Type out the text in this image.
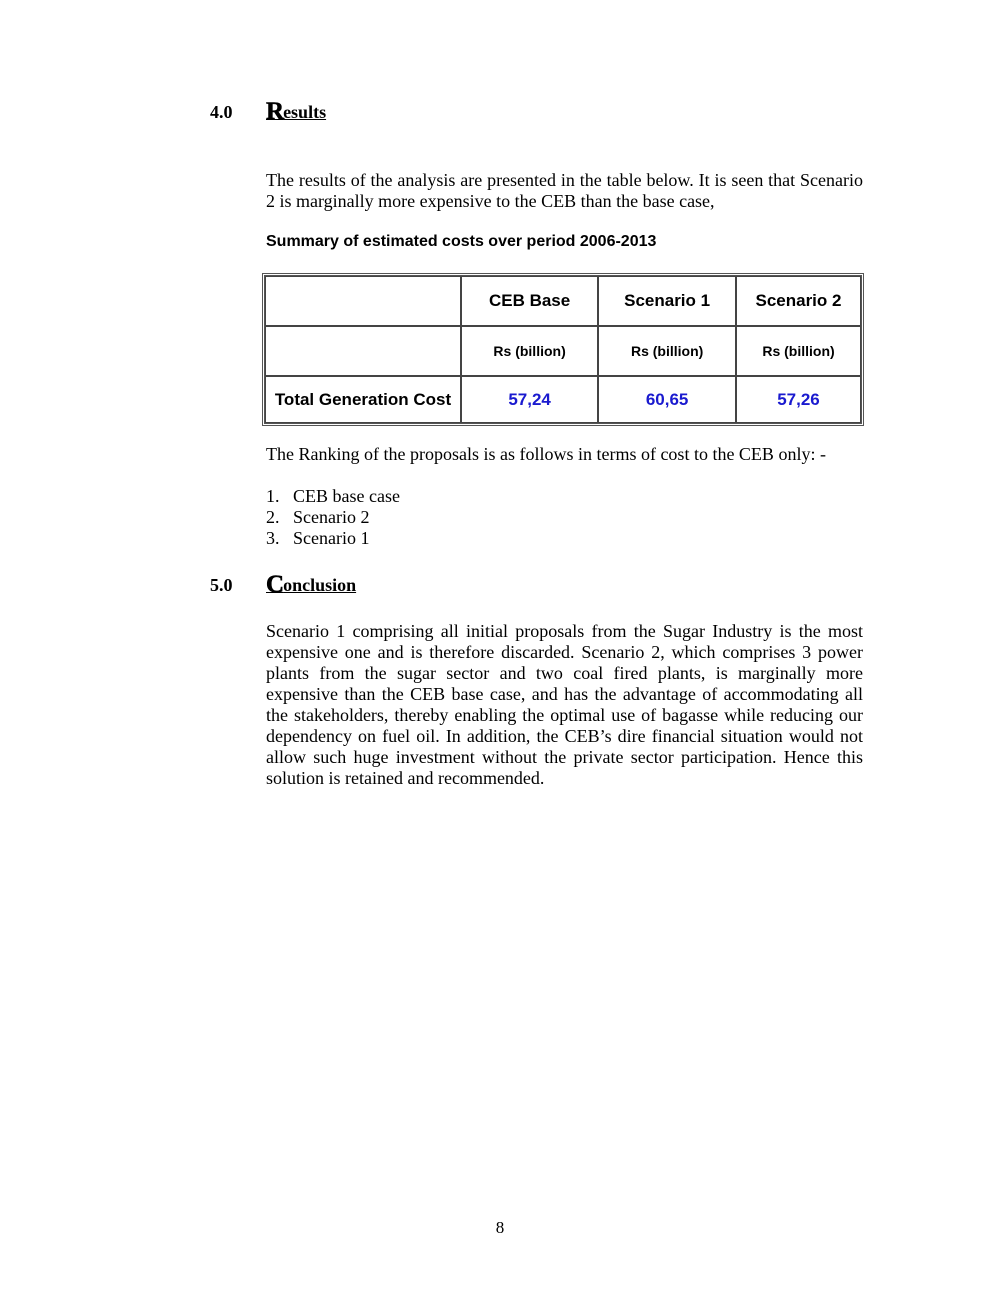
4.0	Results

The results of the analysis are presented in the table below. It is seen that Scenario 2 is marginally more expensive to the CEB than the base case,

Summary of estimated costs over period 2006-2013
	CEB Base	Scenario 1	Scenario 2
	Rs (billion)	Rs (billion)	Rs (billion)
Total Generation Cost	57,24	60,65	57,26

The Ranking of the proposals is as follows in terms of cost to the CEB only: -

1. CEB base case
2. Scenario 2
3. Scenario 1
5.0	Conclusion

Scenario 1 comprising all initial proposals from the Sugar Industry is the most expensive one and is therefore discarded. Scenario 2, which comprises 3 power plants from the sugar sector and two coal fired plants, is marginally more expensive than the CEB base case, and has the advantage of accommodating all the stakeholders, thereby enabling the optimal use of bagasse while reducing our dependency on fuel oil. In addition, the CEB’s dire financial situation would not allow such huge investment without the private sector participation. Hence this solution is retained and recommended.

8
